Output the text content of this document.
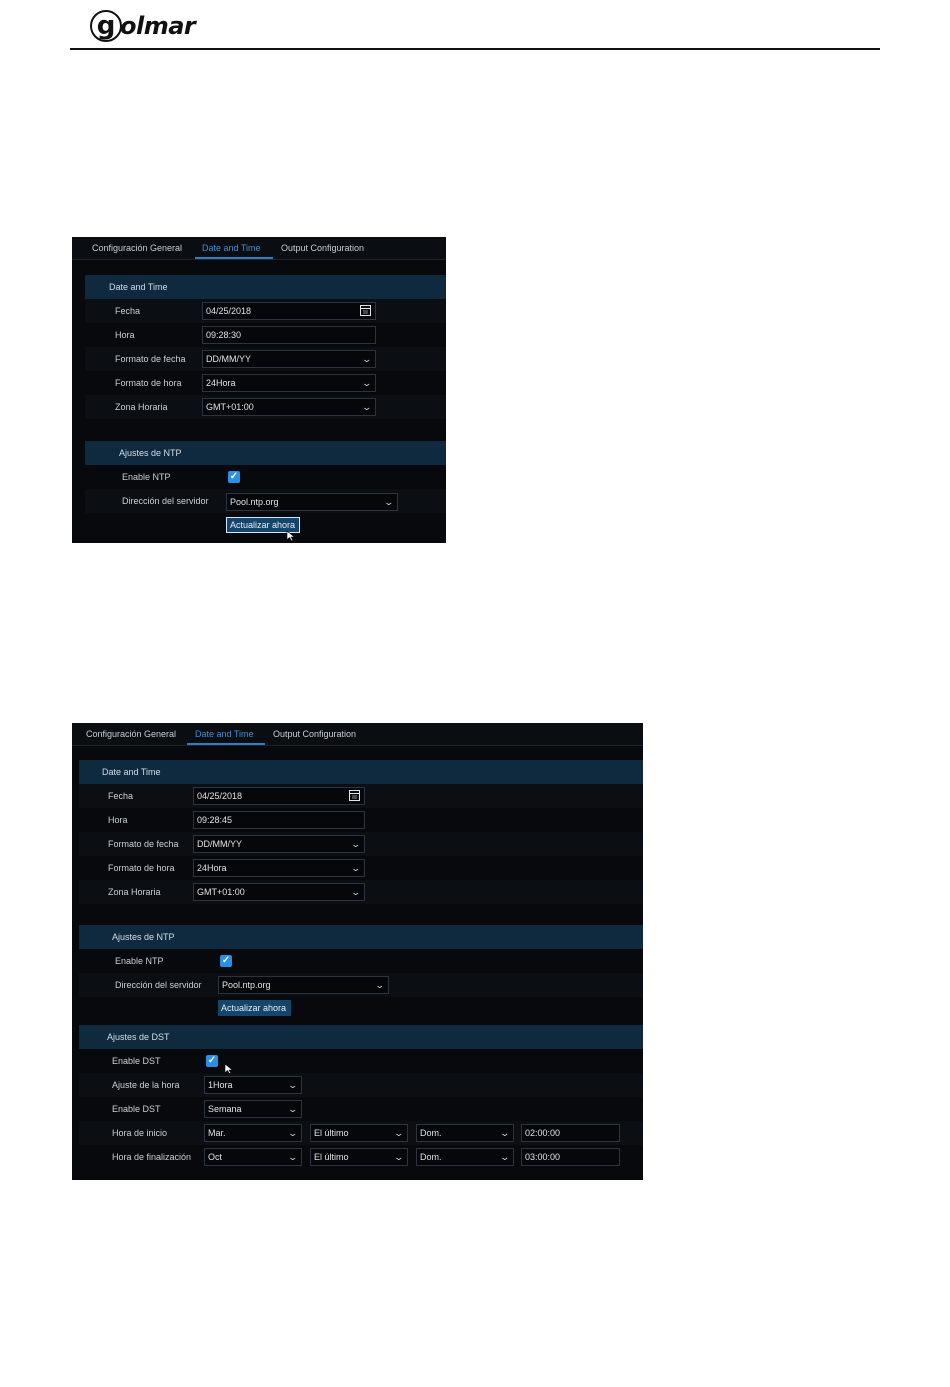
g olmar
Configuración General Date and Time Output Configuration
Date and Time
Fecha	04/25/2018
Hora	09:28:30
Formato de fecha	DD/MM/YY	⌄
Formato de hora	24Hora	⌄
Zona Horaria	GMT+01:00	⌄
Ajustes de NTP
Enable NTP	✓
Dirección del servidor	Pool.ntp.org	⌄
Actualizar ahora
Configuración General Date and Time Output Configuration
Date and Time
Fecha	04/25/2018
Hora	09:28:45
Formato de fecha	DD/MM/YY	⌄
Formato de hora	24Hora	⌄
Zona Horaria	GMT+01:00	⌄
Ajustes de NTP
Enable NTP	✓
Dirección del servidor	Pool.ntp.org	⌄
Actualizar ahora
Ajustes de DST
Enable DST	✓
Ajuste de la hora	1Hora	⌄
Enable DST	Semana	⌄
Hora de inicio	Mar.	⌄	El último	⌄	Dom.	⌄	02:00:00
Hora de finalización	Oct	⌄	El último	⌄	Dom.	⌄	03:00:00
